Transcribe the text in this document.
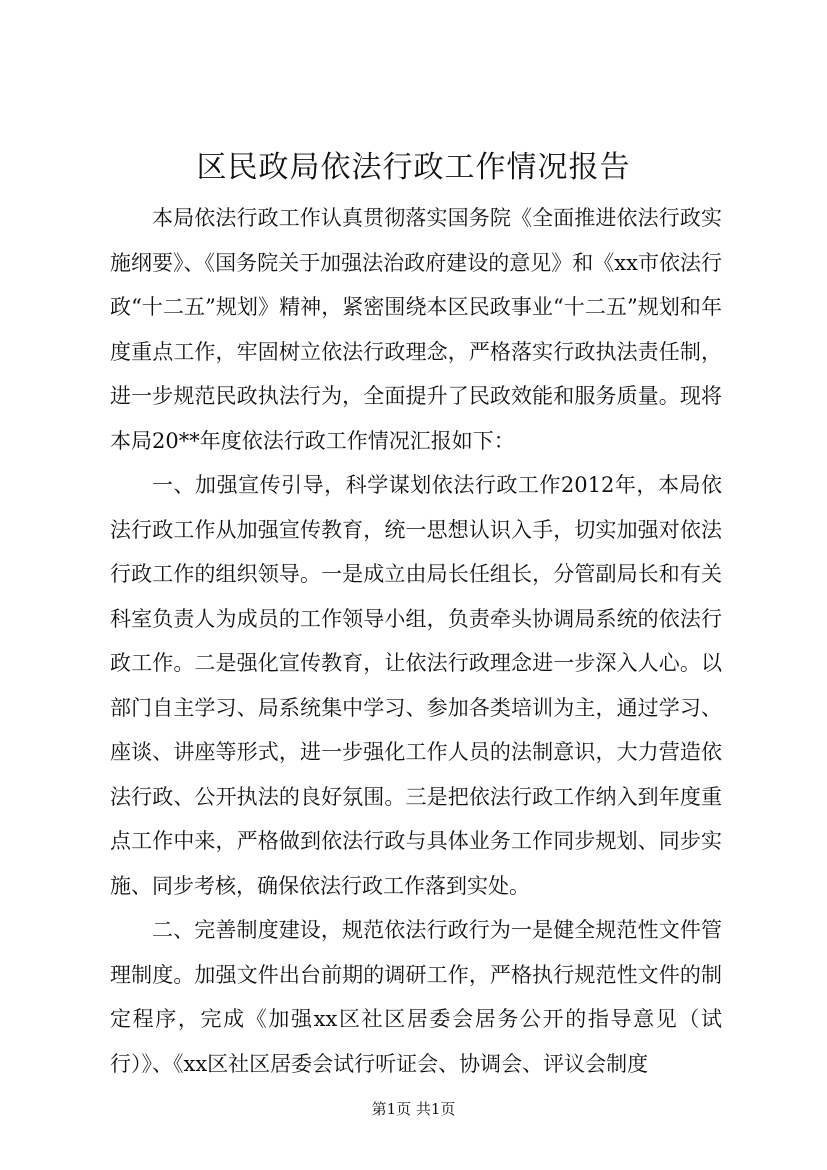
区民政局依法行政工作情况报告

本局依法行政工作认真贯彻落实国务院《全面推进依法行政实施纲要》、《国务院关于加强法治政府建设的意见》和《xx市依法行政“十二五”规划》精神，紧密围绕本区民政事业“十二五”规划和年度重点工作，牢固树立依法行政理念，严格落实行政执法责任制，进一步规范民政执法行为，全面提升了民政效能和服务质量。现将本局20**年度依法行政工作情况汇报如下：

一、加强宣传引导，科学谋划依法行政工作2012年，本局依法行政工作从加强宣传教育，统一思想认识入手，切实加强对依法行政工作的组织领导。一是成立由局长任组长，分管副局长和有关科室负责人为成员的工作领导小组，负责牵头协调局系统的依法行政工作。二是强化宣传教育，让依法行政理念进一步深入人心。以部门自主学习、局系统集中学习、参加各类培训为主，通过学习、座谈、讲座等形式，进一步强化工作人员的法制意识，大力营造依法行政、公开执法的良好氛围。三是把依法行政工作纳入到年度重点工作中来，严格做到依法行政与具体业务工作同步规划、同步实施、同步考核，确保依法行政工作落到实处。

二、完善制度建设，规范依法行政行为一是健全规范性文件管理制度。加强文件出台前期的调研工作，严格执行规范性文件的制定程序，完成《加强xx区社区居委会居务公开的指导意见（试行）》、《xx区社区居委会试行听证会、协调会、评议会制度

第1页 共1页
